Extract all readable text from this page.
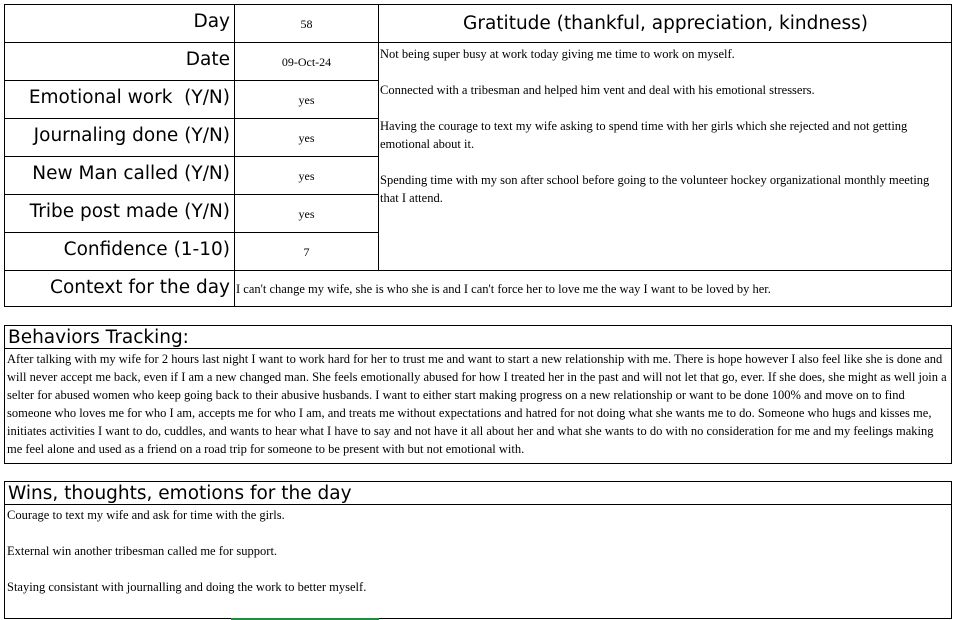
Day
Date
Emotional work  (Y/N)
Journaling done (Y/N)
New Man called (Y/N)
Tribe post made (Y/N)
Confidence (1-10)
Context for the day
58
09-Oct-24
yes
yes
yes
yes
7
Gratitude (thankful, appreciation, kindness)

Not being super busy at work today giving me time to work on myself.

Connected with a tribesman and helped him vent and deal with his emotional stressers.

Having the courage to text my wife asking to spend time with her girls which she rejected and not getting emotional about it.

Spending time with my son after school before going to the volunteer hockey organizational monthly meeting that I attend.

I can't change my wife, she is who she is and I can't force her to love me the way I want to be loved by her.
Behaviors Tracking:

After talking with my wife for 2 hours last night I want to work hard for her to trust me and want to start a new relationship with me. There is hope however I also feel like she is done and will never accept me back, even if I am a new changed man. She feels emotionally abused for how I treated her in the past and will not let that go, ever. If she does, she might as well join a selter for abused women who keep going back to their abusive husbands. I want to either start making progress on a new relationship or want to be done 100% and move on to find someone who loves me for who I am, accepts me for who I am, and treats me without expectations and hatred for not doing what she wants me to do. Someone who hugs and kisses me, initiates activities I want to do, cuddles, and wants to hear what I have to say and not have it all about her and what she wants to do with no consideration for me and my feelings making me feel alone and used as a friend on a road trip for someone to be present with but not emotional with.

Wins, thoughts, emotions for the day

Courage to text my wife and ask for time with the girls.

External win another tribesman called me for support.

Staying consistant with journalling and doing the work to better myself.
